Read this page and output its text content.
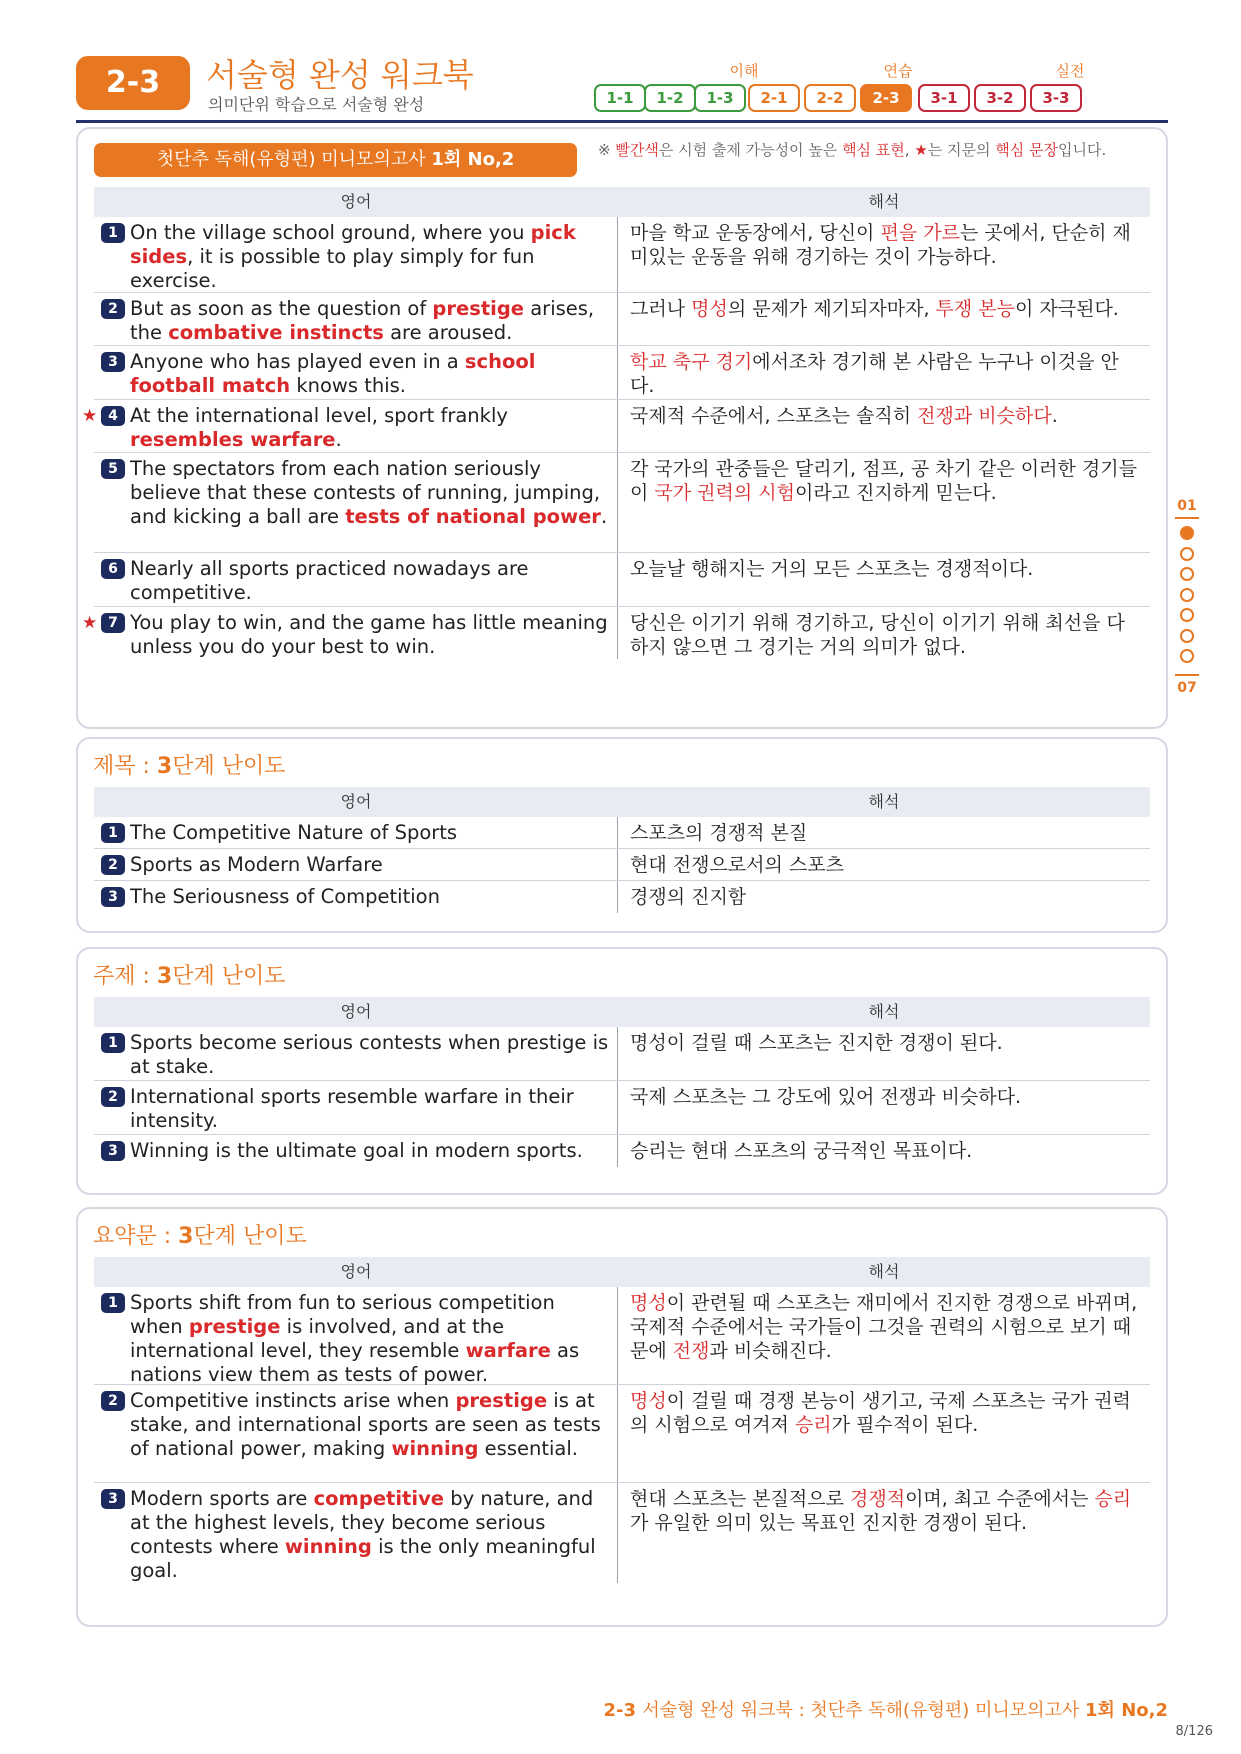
2-3	서술형 완성 워크북
의미단위 학습으로 서술형 완성
이해	연습	실전
1-1	1-2	1-3	2-1	2-2	2-3	3-1	3-2	3-3
첫단추 독해(유형편) 미니모의고사 1회 No,2	※ 빨간색은 시험 출제 가능성이 높은 핵심 표현, ★는 지문의 핵심 문장입니다.
영어	해석
1 On the village school ground, where you pick sides, it is possible to play simply for fun exercise.
마을 학교 운동장에서, 당신이 편을 가르는 곳에서, 단순히 재미있는 운동을 위해 경기하는 것이 가능하다.
2 But as soon as the question of prestige arises, the combative instincts are aroused.
그러나 명성의 문제가 제기되자마자, 투쟁 본능이 자극된다.
3 Anyone who has played even in a school football match knows this.
학교 축구 경기에서조차 경기해 본 사람은 누구나 이것을 안다.
★ 4 At the international level, sport frankly resembles warfare.
국제적 수준에서, 스포츠는 솔직히 전쟁과 비슷하다.
5 The spectators from each nation seriously believe that these contests of running, jumping, and kicking a ball are tests of national power.
각 국가의 관중들은 달리기, 점프, 공 차기 같은 이러한 경기들이 국가 권력의 시험이라고 진지하게 믿는다.
6 Nearly all sports practiced nowadays are competitive.
오늘날 행해지는 거의 모든 스포츠는 경쟁적이다.
★ 7 You play to win, and the game has little meaning unless you do your best to win.
당신은 이기기 위해 경기하고, 당신이 이기기 위해 최선을 다하지 않으면 그 경기는 거의 의미가 없다.
제목 : 3단계 난이도
영어	해석
1 The Competitive Nature of Sports	스포츠의 경쟁적 본질
2 Sports as Modern Warfare	현대 전쟁으로서의 스포츠
3 The Seriousness of Competition	경쟁의 진지함
주제 : 3단계 난이도
영어	해석
1 Sports become serious contests when prestige is at stake.
명성이 걸릴 때 스포츠는 진지한 경쟁이 된다.
2 International sports resemble warfare in their intensity.
국제 스포츠는 그 강도에 있어 전쟁과 비슷하다.
3 Winning is the ultimate goal in modern sports.	승리는 현대 스포츠의 궁극적인 목표이다.
요약문 : 3단계 난이도
영어	해석
1 Sports shift from fun to serious competition when prestige is involved, and at the international level, they resemble warfare as nations view them as tests of power.
명성이 관련될 때 스포츠는 재미에서 진지한 경쟁으로 바뀌며, 국제적 수준에서는 국가들이 그것을 권력의 시험으로 보기 때문에 전쟁과 비슷해진다.
2 Competitive instincts arise when prestige is at stake, and international sports are seen as tests of national power, making winning essential.
명성이 걸릴 때 경쟁 본능이 생기고, 국제 스포츠는 국가 권력의 시험으로 여겨져 승리가 필수적이 된다.
3 Modern sports are competitive by nature, and at the highest levels, they become serious contests where winning is the only meaningful goal.
현대 스포츠는 본질적으로 경쟁적이며, 최고 수준에서는 승리가 유일한 의미 있는 목표인 진지한 경쟁이 된다.
01
07
2-3 서술형 완성 워크북 : 첫단추 독해(유형편) 미니모의고사 1회 No,2
8/126
